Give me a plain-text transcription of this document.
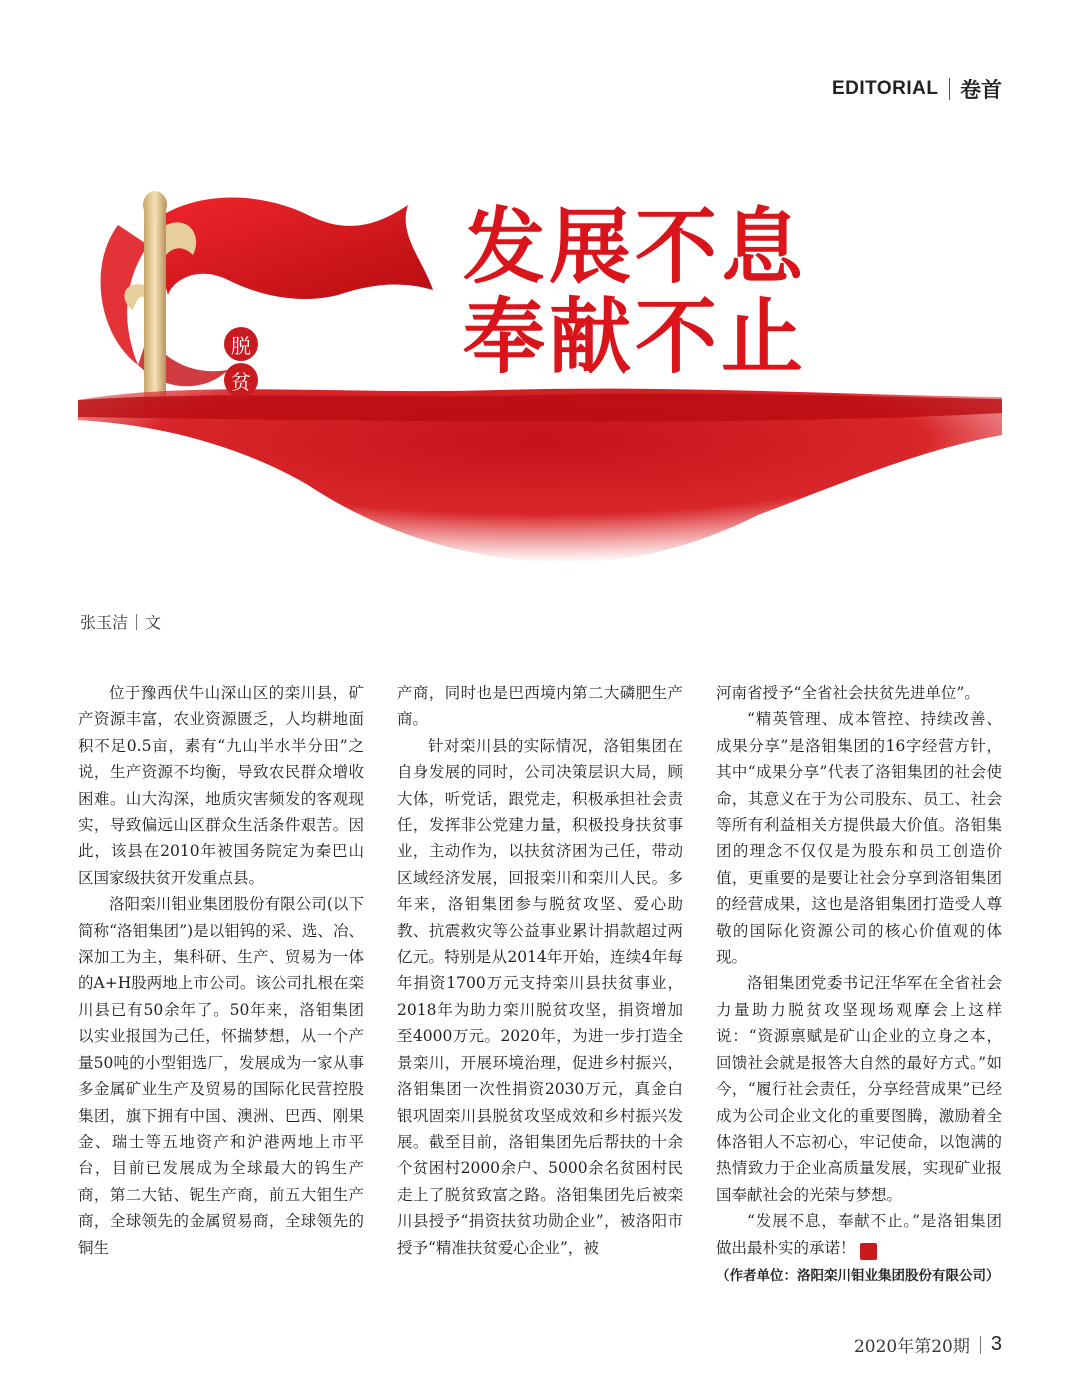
EDITORIAL 卷首
发展不息
奉献不止
脱
贫
张玉洁 文

位于豫西伏牛山深山区的栾川县，矿产资源丰富，农业资源匮乏，人均耕地面积不足0.5亩，素有“九山半水半分田”之说，生产资源不均衡，导致农民群众增收困难。山大沟深，地质灾害频发的客观现实，导致偏远山区群众生活条件艰苦。因此，该县在2010年被国务院定为秦巴山区国家级扶贫开发重点县。

洛阳栾川钼业集团股份有限公司(以下简称“洛钼集团”)是以钼钨的采、选、冶、深加工为主，集科研、生产、贸易为一体的A+H股两地上市公司。该公司扎根在栾川县已有50余年了。50年来，洛钼集团以实业报国为己任，怀揣梦想，从一个产量50吨的小型钼选厂，发展成为一家从事多金属矿业生产及贸易的国际化民营控股集团，旗下拥有中国、澳洲、巴西、刚果金、瑞士等五地资产和沪港两地上市平台，目前已发展成为全球最大的钨生产商，第二大钴、铌生产商，前五大钼生产商，全球领先的金属贸易商，全球领先的铜生

产商，同时也是巴西境内第二大磷肥生产商。

针对栾川县的实际情况，洛钼集团在自身发展的同时，公司决策层识大局，顾大体，听党话，跟党走，积极承担社会责任，发挥非公党建力量，积极投身扶贫事业，主动作为，以扶贫济困为己任，带动区域经济发展，回报栾川和栾川人民。多年来，洛钼集团参与脱贫攻坚、爱心助教、抗震救灾等公益事业累计捐款超过两亿元。特别是从2014年开始，连续4年每年捐资1700万元支持栾川县扶贫事业，2018年为助力栾川脱贫攻坚，捐资增加至4000万元。2020年，为进一步打造全景栾川，开展环境治理，促进乡村振兴，洛钼集团一次性捐资2030万元，真金白银巩固栾川县脱贫攻坚成效和乡村振兴发展。截至目前，洛钼集团先后帮扶的十余个贫困村2000余户、5000余名贫困村民走上了脱贫致富之路。洛钼集团先后被栾川县授予“捐资扶贫功勋企业”，被洛阳市授予“精准扶贫爱心企业”，被

河南省授予“全省社会扶贫先进单位”。

“精英管理、成本管控、持续改善、成果分享”是洛钼集团的16字经营方针，其中“成果分享”代表了洛钼集团的社会使命，其意义在于为公司股东、员工、社会等所有利益相关方提供最大价值。洛钼集团的理念不仅仅是为股东和员工创造价值，更重要的是要让社会分享到洛钼集团的经营成果，这也是洛钼集团打造受人尊敬的国际化资源公司的核心价值观的体现。

洛钼集团党委书记汪华军在全省社会力量助力脱贫攻坚现场观摩会上这样说：“资源禀赋是矿山企业的立身之本，回馈社会就是报答大自然的最好方式。”如今，“履行社会责任，分享经营成果”已经成为公司企业文化的重要图腾，激励着全体洛钼人不忘初心，牢记使命，以饱满的热情致力于企业高质量发展，实现矿业报国奉献社会的光荣与梦想。

“发展不息，奉献不止。”是洛钼集团做出最朴实的承诺！	中

（作者单位：洛阳栾川钼业集团股份有限公司）
2020年第20期 3
